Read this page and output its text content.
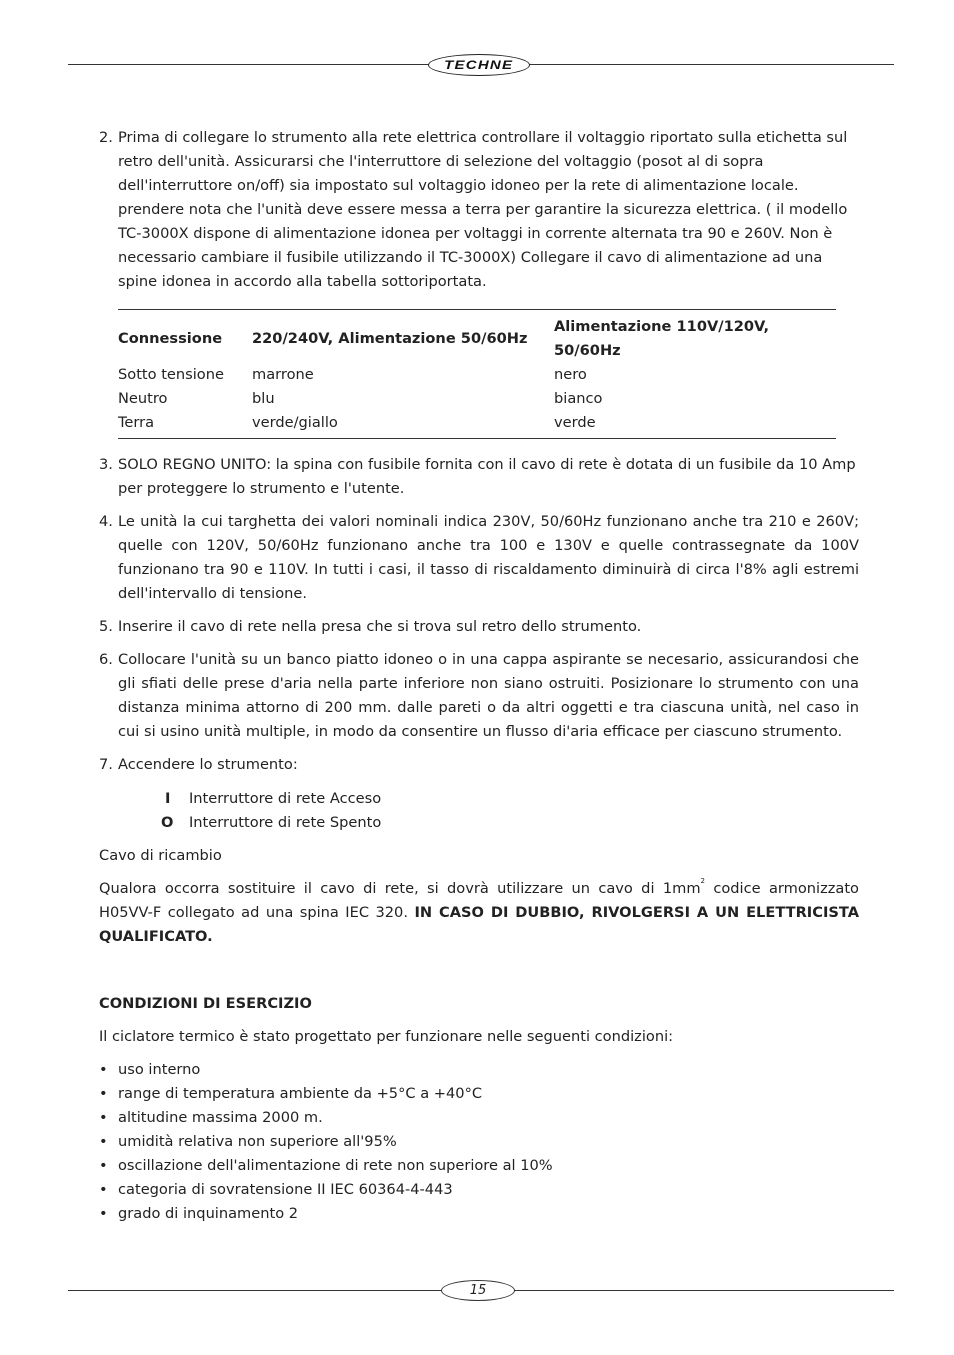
TECHNE
2. Prima di collegare lo strumento alla rete elettrica controllare il voltaggio riportato sulla etichetta sul retro dell'unità. Assicurarsi che l'interruttore di selezione del voltaggio (posot al di sopra dell'interruttore on/off) sia impostato sul voltaggio idoneo per la rete di alimentazione locale. prendere nota che l'unità deve essere messa a terra per garantire la sicurezza elettrica. ( il modello TC-3000X dispone di alimentazione idonea per voltaggi in corrente alternata tra 90 e 260V. Non è necessario cambiare il fusibile utilizzando il TC-3000X) Collegare il cavo di alimentazione ad una spine idonea in accordo alla tabella sottoriportata.
Connessione	220/240V, Alimentazione 50/60Hz	Alimentazione 110V/120V, 50/60Hz
Sotto tensione	marrone	nero
Neutro	blu	bianco
Terra	verde/giallo	verde
3. SOLO REGNO UNITO: la spina con fusibile fornita con il cavo di rete è dotata di un fusibile da 10 Amp per proteggere lo strumento e l'utente.
4. Le unità la cui targhetta dei valori nominali indica 230V, 50/60Hz funzionano anche tra 210 e 260V; quelle con 120V, 50/60Hz funzionano anche tra 100 e 130V e quelle contrassegnate da 100V funzionano tra 90 e 110V. In tutti i casi, il tasso di riscaldamento diminuirà di circa l'8% agli estremi dell'intervallo di tensione.
5. Inserire il cavo di rete nella presa che si trova sul retro dello strumento.
6. Collocare l'unità su un banco piatto idoneo o in una cappa aspirante se necesario, assicurandosi che gli sfiati delle prese d'aria nella parte inferiore non siano ostruiti. Posizionare lo strumento con una distanza minima attorno di 200 mm. dalle pareti o da altri oggetti e tra ciascuna unità, nel caso in cui si usino unità multiple, in modo da consentire un flusso di'aria efficace per ciascuno strumento.
7. Accendere lo strumento:
I	Interruttore di rete Acceso
O	Interruttore di rete Spento
Cavo di ricambio
Qualora occorra sostituire il cavo di rete, si dovrà utilizzare un cavo di $1mm^2$ codice armonizzato H05VV-F collegato ad una spina IEC 320. IN CASO DI DUBBIO, RIVOLGERSI A UN ELETTRICISTA QUALIFICATO.
CONDIZIONI DI ESERCIZIO
Il ciclatore termico è stato progettato per funzionare nelle seguenti condizioni:
• uso interno
• range di temperatura ambiente da +5°C a +40°C
• altitudine massima 2000 m.
• umidità relativa non superiore all'95%
• oscillazione dell'alimentazione di rete non superiore al 10%
• categoria di sovratensione II IEC 60364-4-443
• grado di inquinamento 2
15
